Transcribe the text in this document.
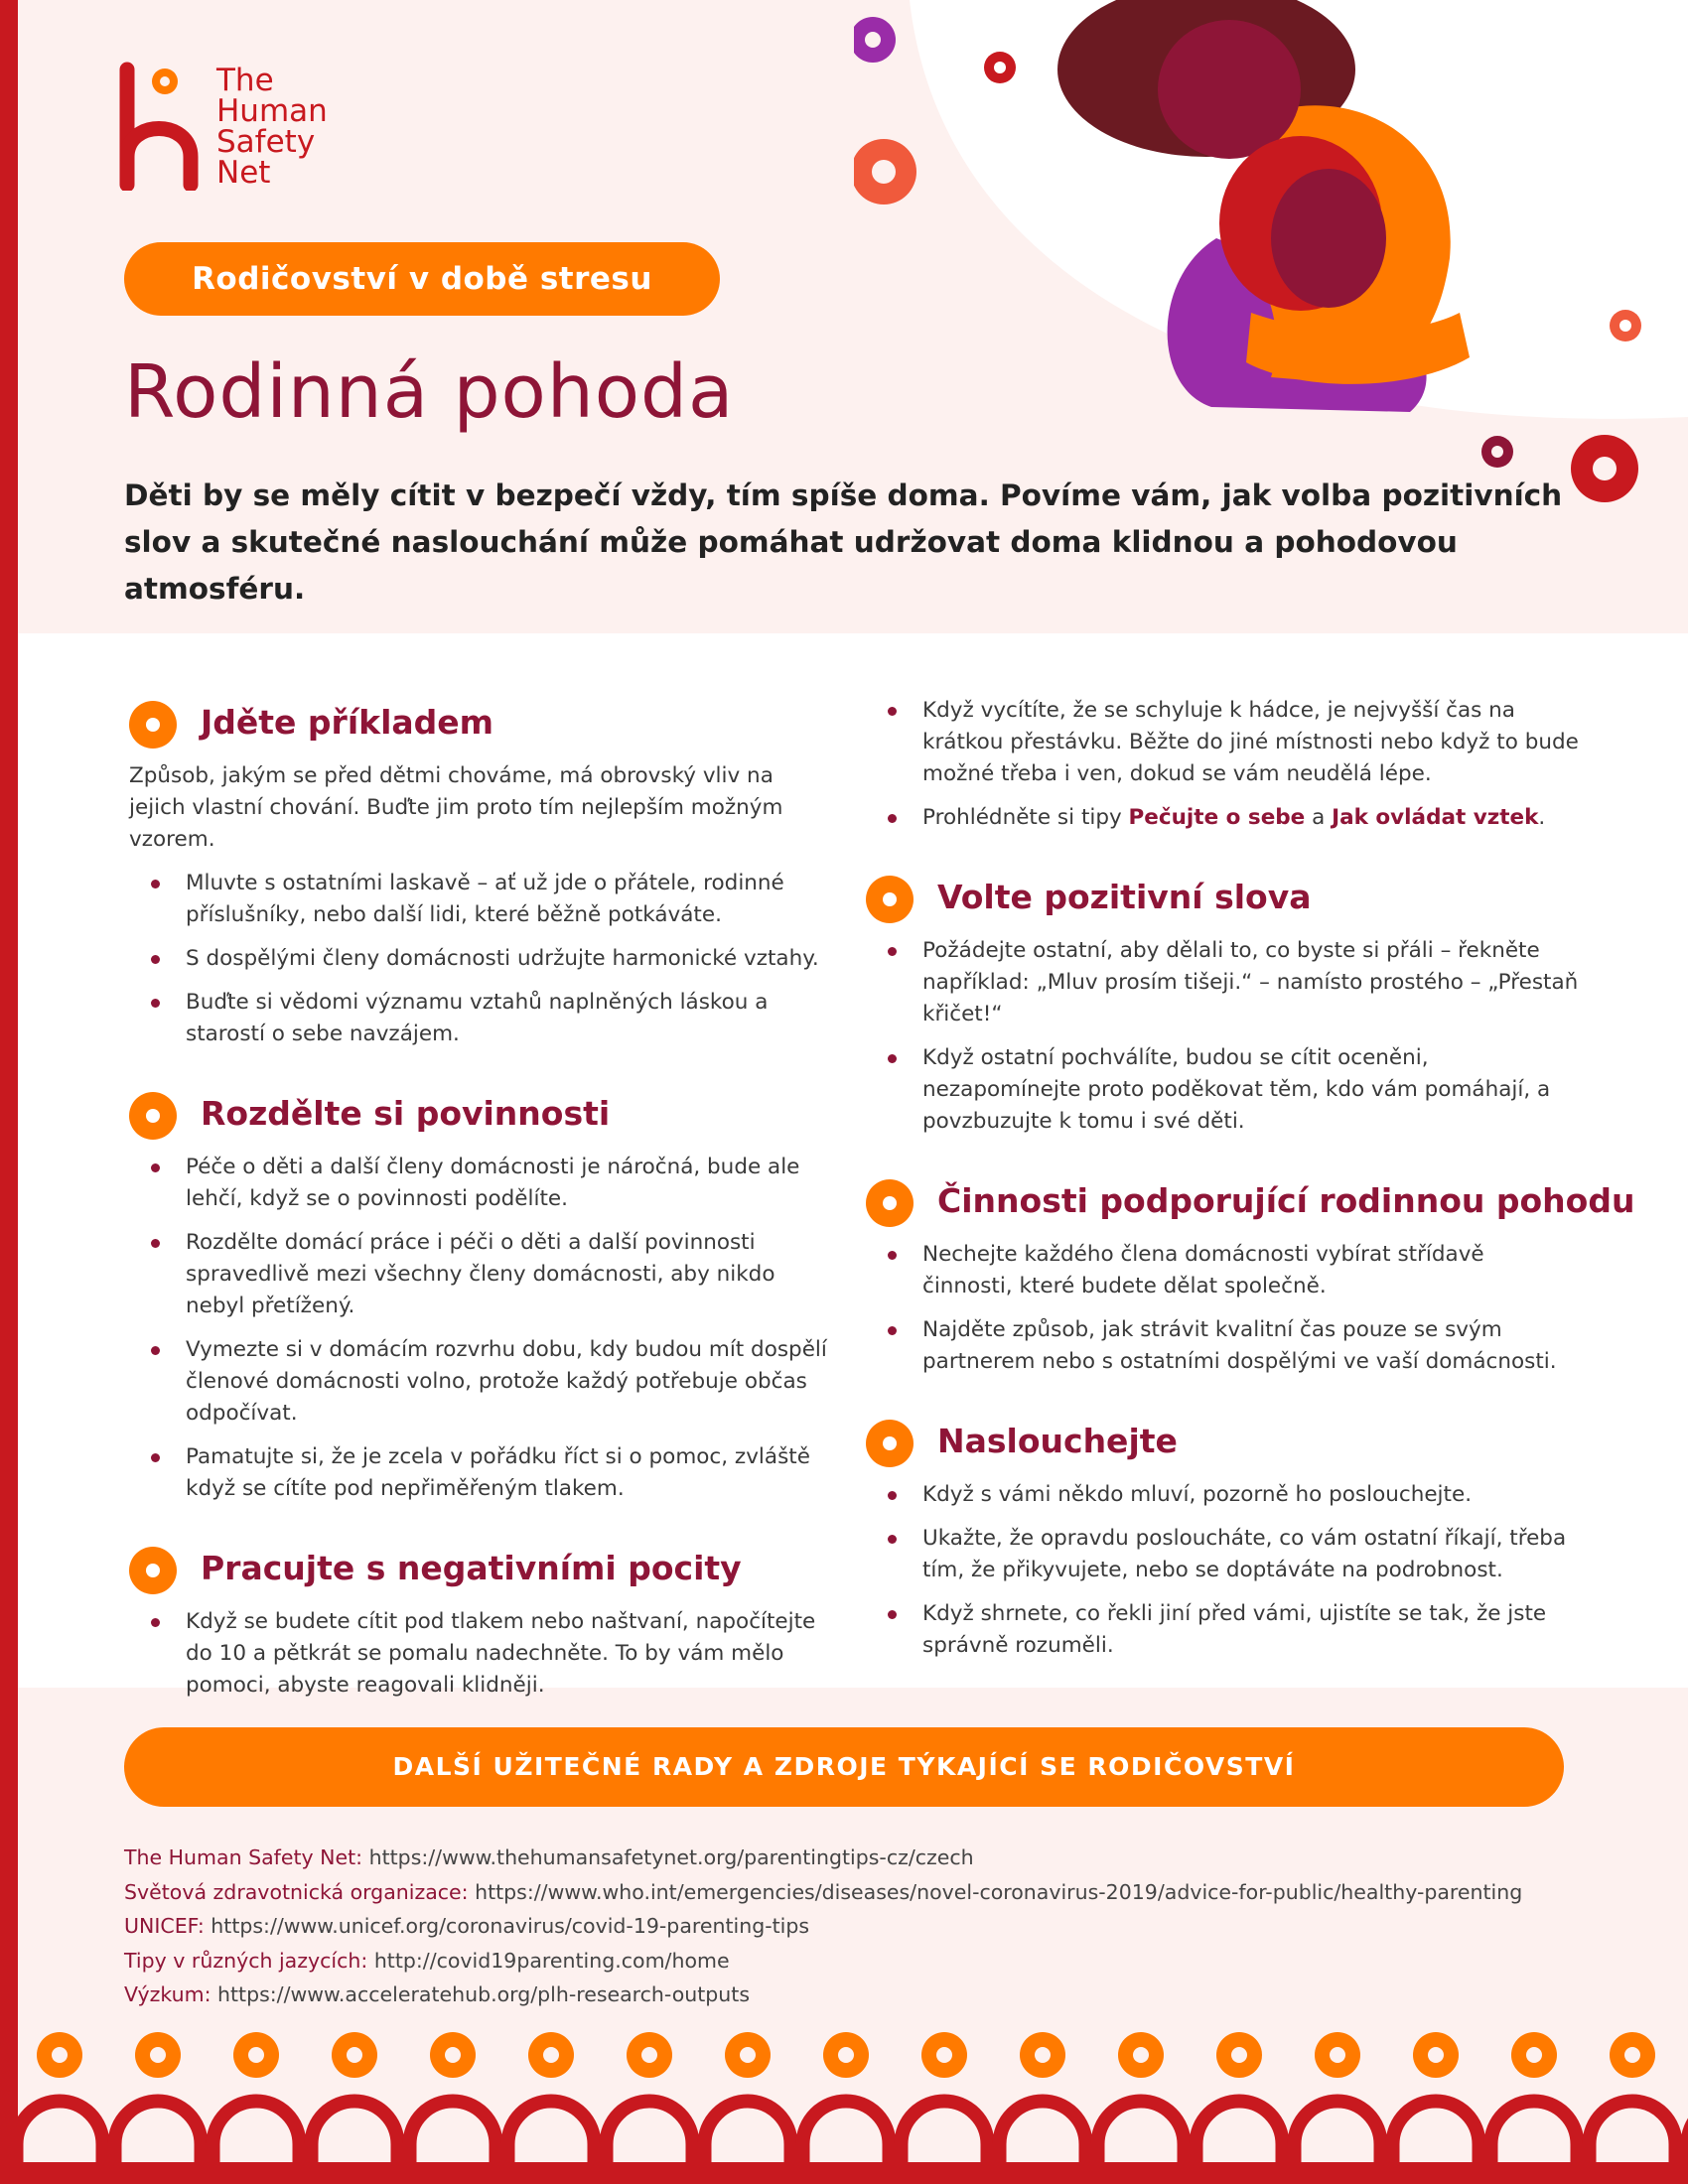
The
Human
Safety
Net
Rodičovství v době stresu
Rodinná pohoda
Děti by se měly cítit v bezpečí vždy, tím spíše doma. Povíme vám, jak volba pozitivních slov a skutečné naslouchání může pomáhat udržovat doma klidnou a pohodovou atmosféru.
Jděte příkladem

Způsob, jakým se před dětmi chováme, má obrovský vliv na jejich vlastní chování. Buďte jim proto tím nejlepším možným vzorem.

Mluvte s ostatními laskavě – ať už jde o přátele, rodinné příslušníky, nebo další lidi, které běžně potkáváte.
S dospělými členy domácnosti udržujte harmonické vztahy.
Buďte si vědomi významu vztahů naplněných láskou a starostí o sebe navzájem.
Rozdělte si povinnosti
Péče o děti a další členy domácnosti je náročná, bude ale lehčí, když se o povinnosti podělíte.
Rozdělte domácí práce i péči o děti a další povinnosti spravedlivě mezi všechny členy domácnosti, aby nikdo nebyl přetížený.
Vymezte si v domácím rozvrhu dobu, kdy budou mít dospělí členové domácnosti volno, protože každý potřebuje občas odpočívat.
Pamatujte si, že je zcela v pořádku říct si o pomoc, zvláště když se cítíte pod nepřiměřeným tlakem.
Pracujte s negativními pocity
Když se budete cítit pod tlakem nebo naštvaní, napočítejte do 10 a pětkrát se pomalu nadechněte. To by vám mělo pomoci, abyste reagovali klidněji.
Když vycítíte, že se schyluje k hádce, je nejvyšší čas na krátkou přestávku. Běžte do jiné místnosti nebo když to bude možné třeba i ven, dokud se vám neudělá lépe.
Prohlédněte si tipy Pečujte o sebe a Jak ovládat vztek.
Volte pozitivní slova
Požádejte ostatní, aby dělali to, co byste si přáli – řekněte například: „Mluv prosím tišeji.“ – namísto prostého – „Přestaň křičet!“
Když ostatní pochválíte, budou se cítit oceněni, nezapomínejte proto poděkovat těm, kdo vám pomáhají, a povzbuzujte k tomu i své děti.
Činnosti podporující rodinnou pohodu
Nechejte každého člena domácnosti vybírat střídavě činnosti, které budete dělat společně.
Najděte způsob, jak strávit kvalitní čas pouze se svým partnerem nebo s ostatními dospělými ve vaší domácnosti.
Naslouchejte
Když s vámi někdo mluví, pozorně ho poslouchejte.
Ukažte, že opravdu posloucháte, co vám ostatní říkají, třeba tím, že přikyvujete, nebo se doptáváte na podrobnost.
Když shrnete, co řekli jiní před vámi, ujistíte se tak, že jste správně rozuměli.
DALŠÍ UŽITEČNÉ RADY A ZDROJE TÝKAJÍCÍ SE RODIČOVSTVÍ
The Human Safety Net: https://www.thehumansafetynet.org/parentingtips-cz/czech
Světová zdravotnická organizace: https://www.who.int/emergencies/diseases/novel-coronavirus-2019/advice-for-public/healthy-parenting
UNICEF: https://www.unicef.org/coronavirus/covid-19-parenting-tips
Tipy v různých jazycích: http://covid19parenting.com/home
Výzkum: https://www.acceleratehub.org/plh-research-outputs
